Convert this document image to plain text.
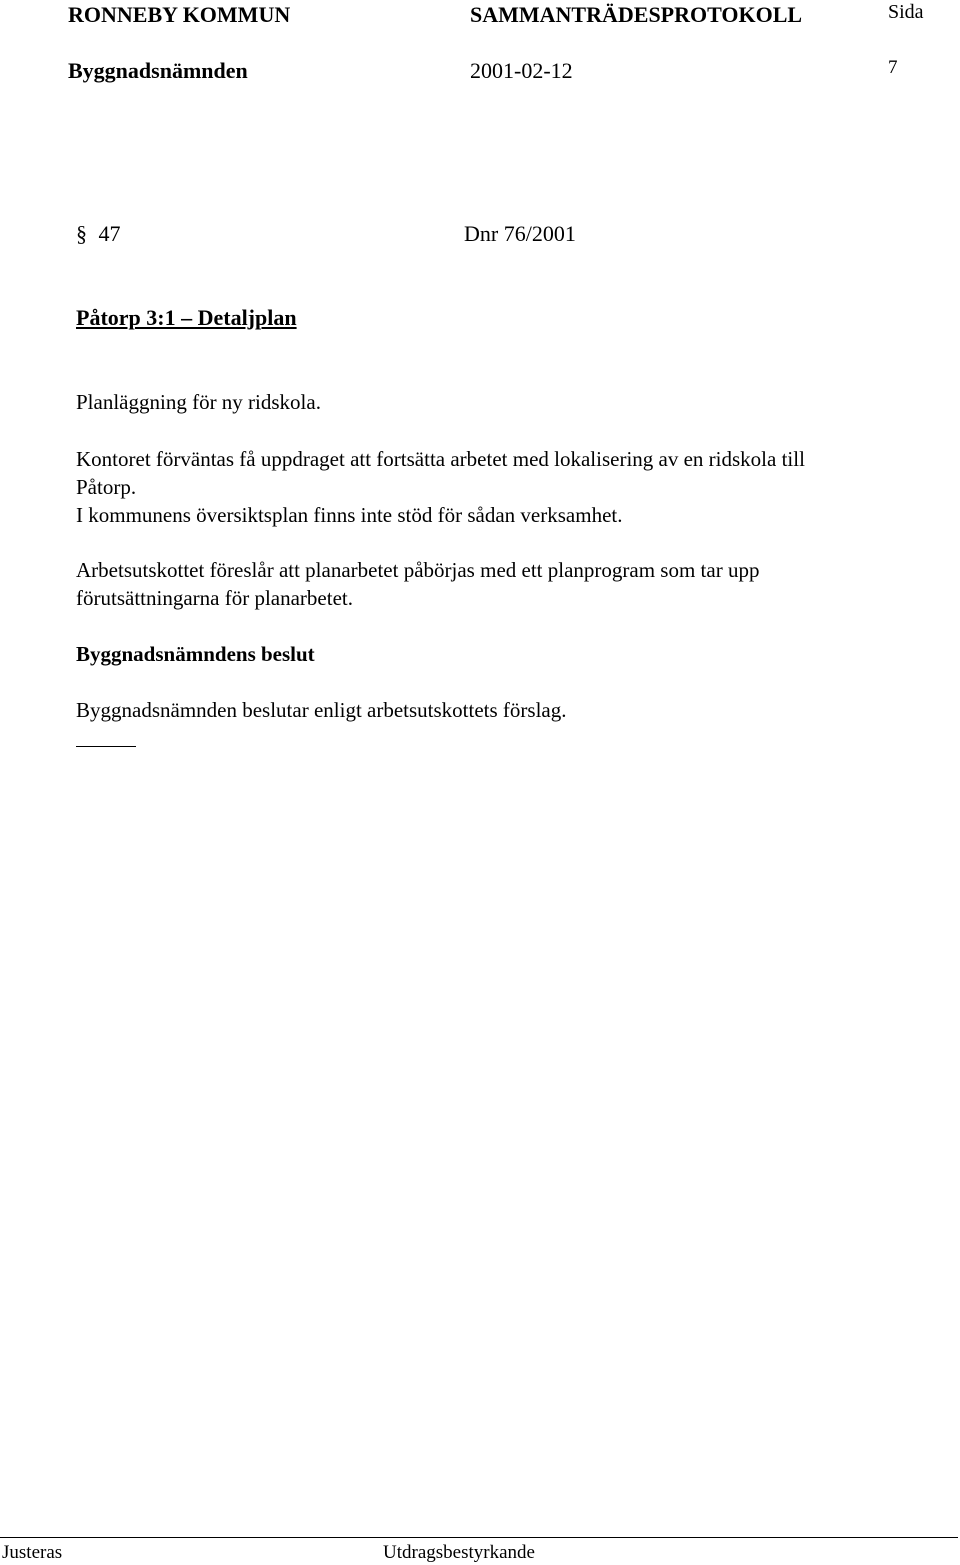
RONNEBY KOMMUN	SAMMANTRÄDESPROTOKOLL	Sida
Byggnadsnämnden	2001-02-12	7
§ 47	Dnr 76/2001
Påtorp 3:1 – Detaljplan
Planläggning för ny ridskola.
Kontoret förväntas få uppdraget att fortsätta arbetet med lokalisering av en ridskola till
Påtorp.
I kommunens översiktsplan finns inte stöd för sådan verksamhet.
Arbetsutskottet föreslår att planarbetet påbörjas med ett planprogram som tar upp
förutsättningarna för planarbetet.
Byggnadsnämndens beslut
Byggnadsnämnden beslutar enligt arbetsutskottets förslag.
Justeras	Utdragsbestyrkande
